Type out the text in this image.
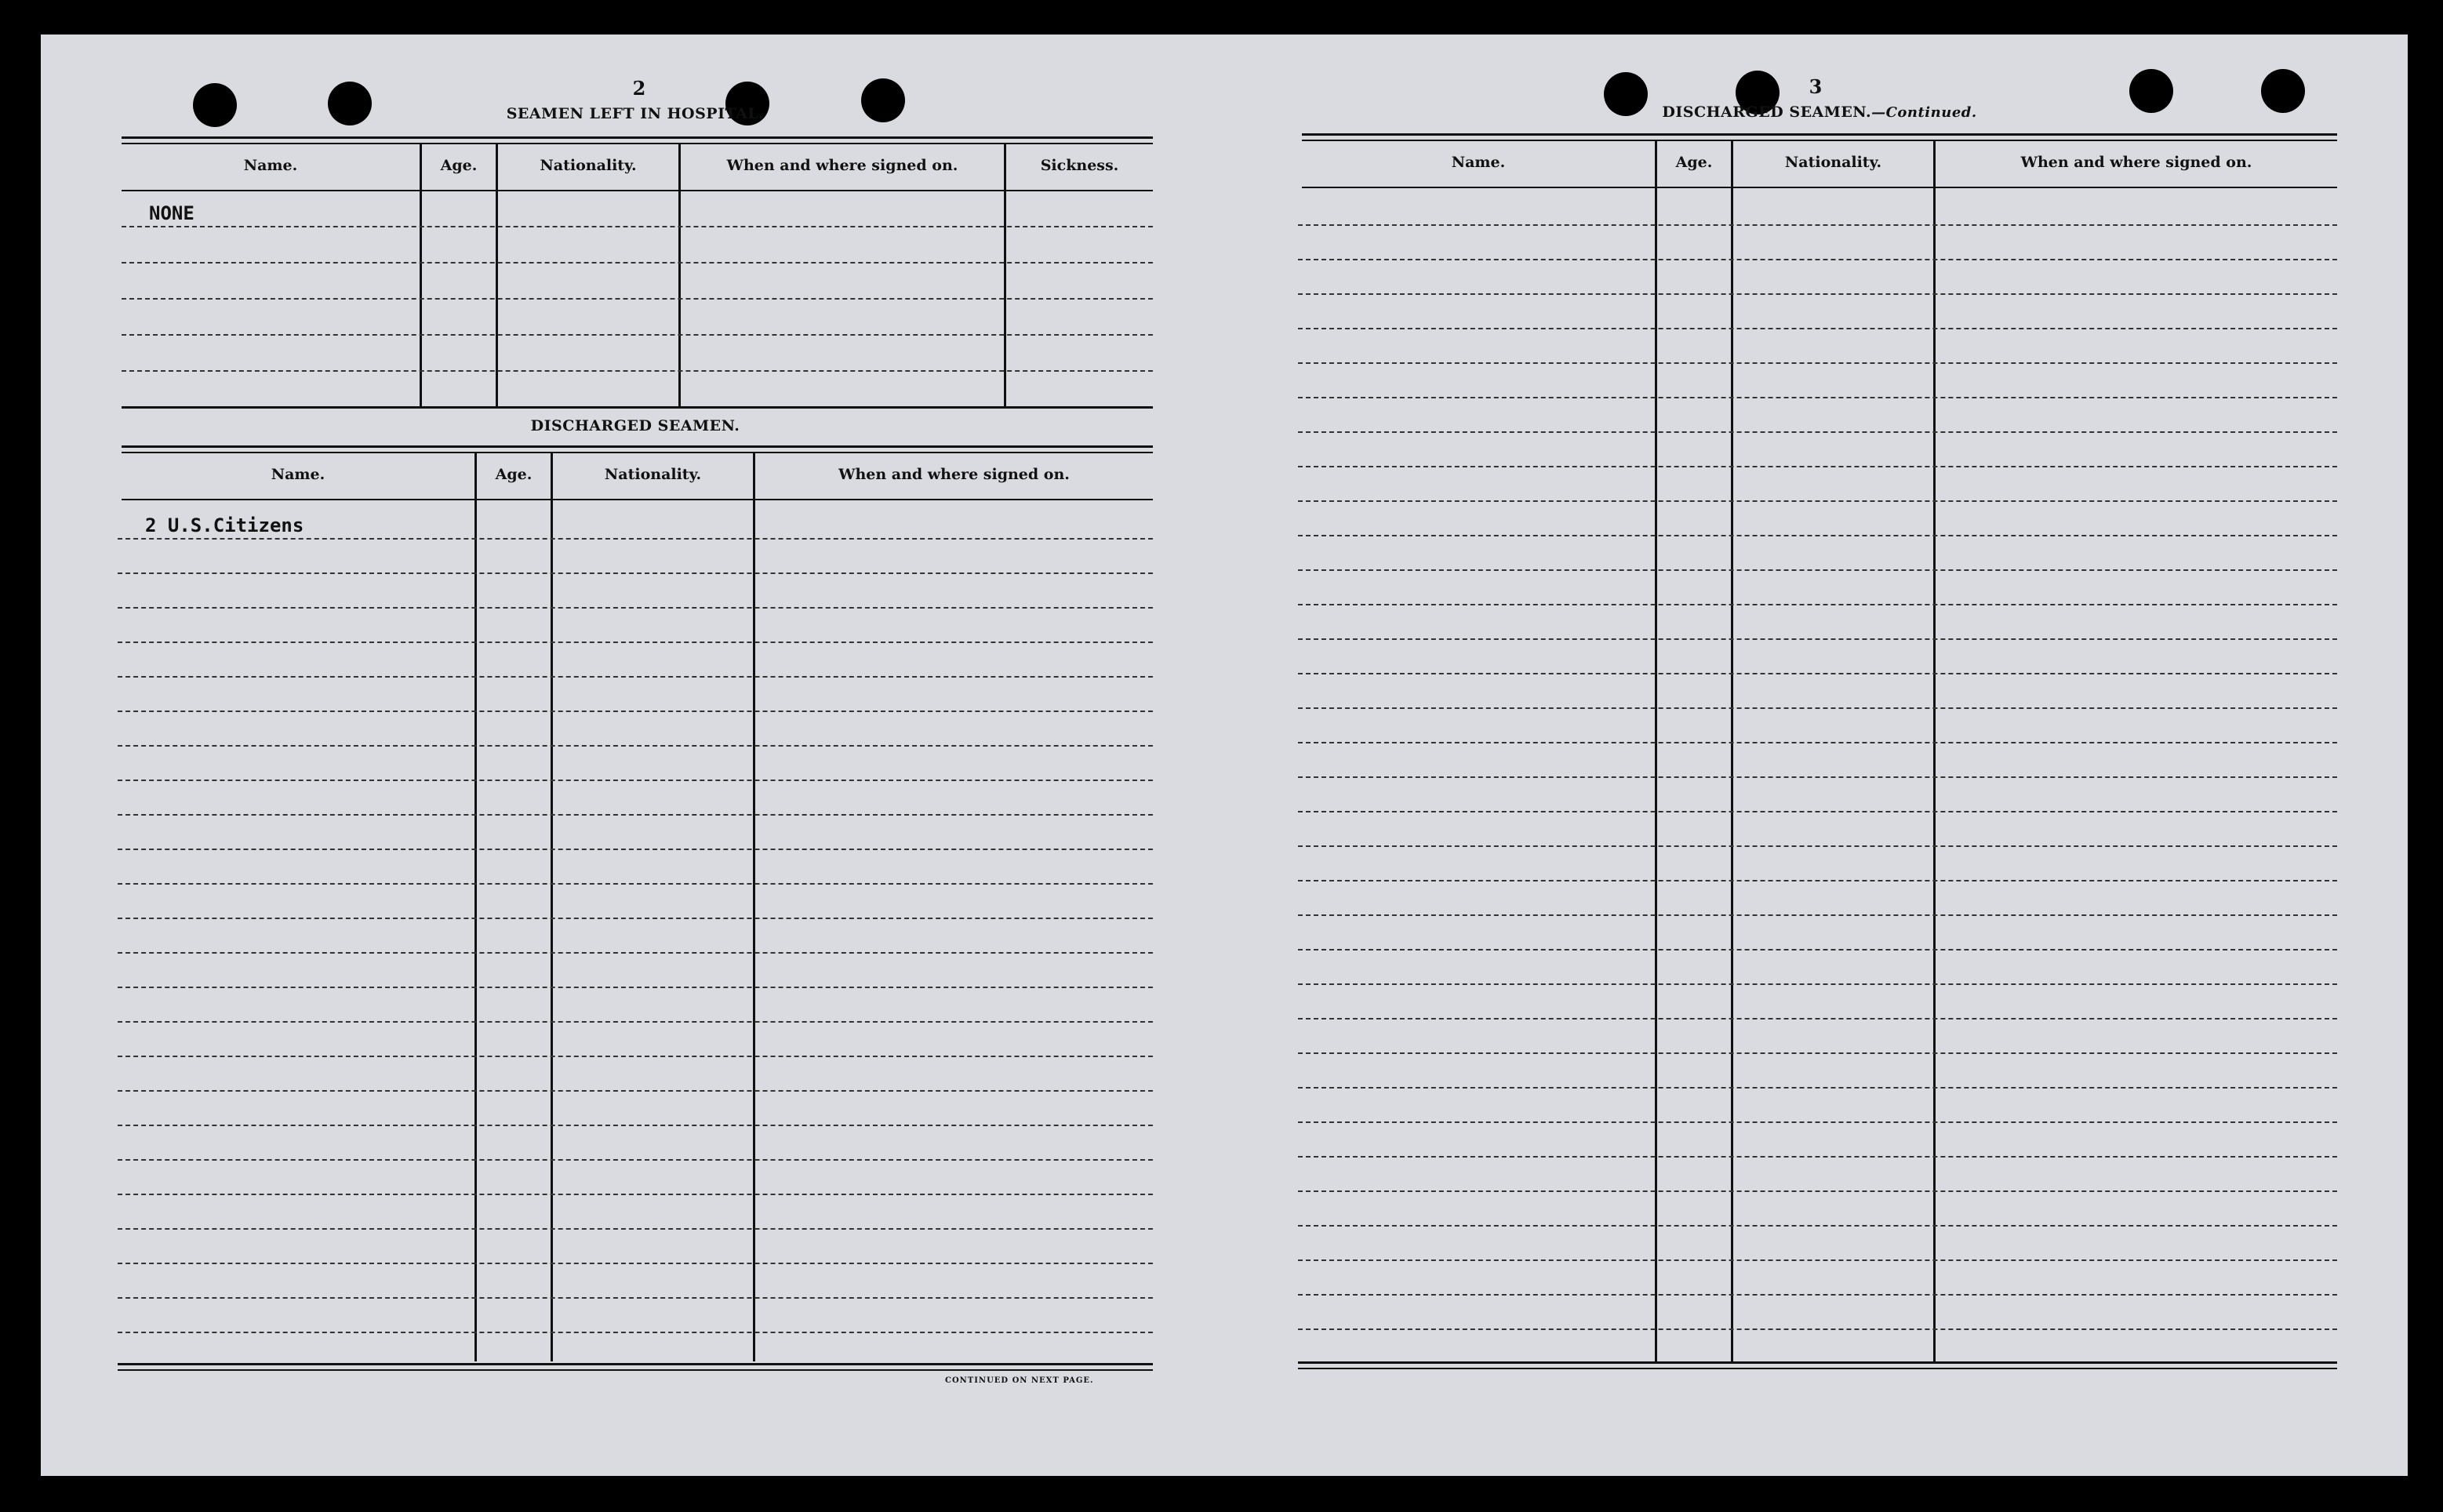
2
SEAMEN LEFT IN HOSPITAL.
Name.	Age.	Nationality.	When and where signed on.	Sickness.
NONE
DISCHARGED SEAMEN.
Name.	Age.	Nationality.	When and where signed on.
2 U.S.Citizens
CONTINUED ON NEXT PAGE.
3
DISCHARGED SEAMEN.—Continued.
Name.	Age.	Nationality.	When and where signed on.
